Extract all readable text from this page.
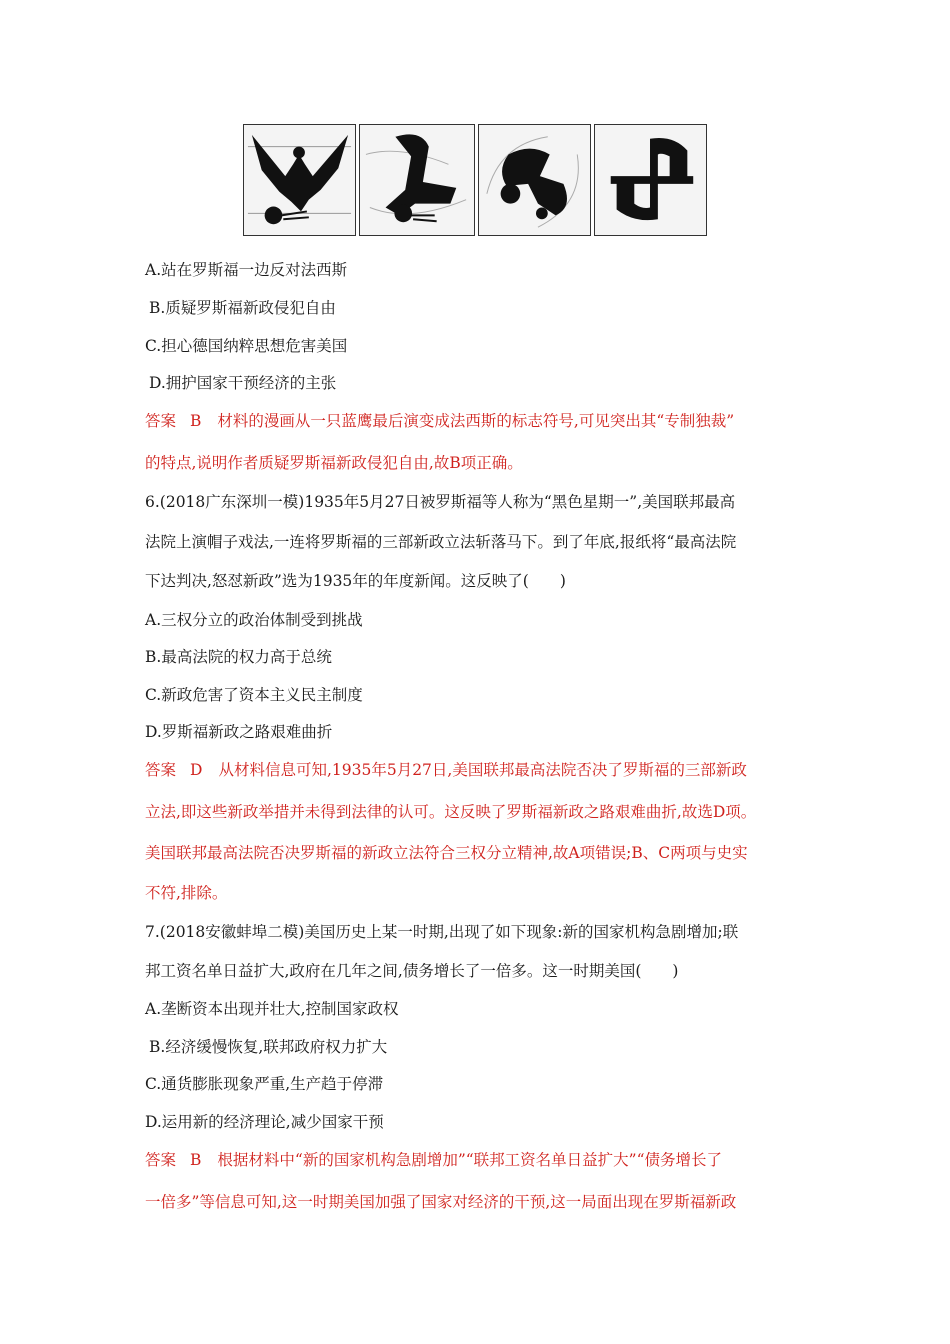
A.站在罗斯福一边反对法西斯
B.质疑罗斯福新政侵犯自由
C.担心德国纳粹思想危害美国
D.拥护国家干预经济的主张
答案 B 材料的漫画从一只蓝鹰最后演变成法西斯的标志符号,可见突出其“专制独裁”
的特点,说明作者质疑罗斯福新政侵犯自由,故B项正确。
6.(2018广东深圳一模)1935年5月27日被罗斯福等人称为“黑色星期一”,美国联邦最高
法院上演帽子戏法,一连将罗斯福的三部新政立法斩落马下。到了年底,报纸将“最高法院
下达判决,怒怼新政”选为1935年的年度新闻。这反映了(　　)
A.三权分立的政治体制受到挑战
B.最高法院的权力高于总统
C.新政危害了资本主义民主制度
D.罗斯福新政之路艰难曲折
答案 D 从材料信息可知,1935年5月27日,美国联邦最高法院否决了罗斯福的三部新政
立法,即这些新政举措并未得到法律的认可。这反映了罗斯福新政之路艰难曲折,故选D项。
美国联邦最高法院否决罗斯福的新政立法符合三权分立精神,故A项错误;B、C两项与史实
不符,排除。
7.(2018安徽蚌埠二模)美国历史上某一时期,出现了如下现象:新的国家机构急剧增加;联
邦工资名单日益扩大,政府在几年之间,债务增长了一倍多。这一时期美国(　　)
A.垄断资本出现并壮大,控制国家政权
B.经济缓慢恢复,联邦政府权力扩大
C.通货膨胀现象严重,生产趋于停滞
D.运用新的经济理论,减少国家干预
答案 B 根据材料中“新的国家机构急剧增加”“联邦工资名单日益扩大”“债务增长了
一倍多”等信息可知,这一时期美国加强了国家对经济的干预,这一局面出现在罗斯福新政
